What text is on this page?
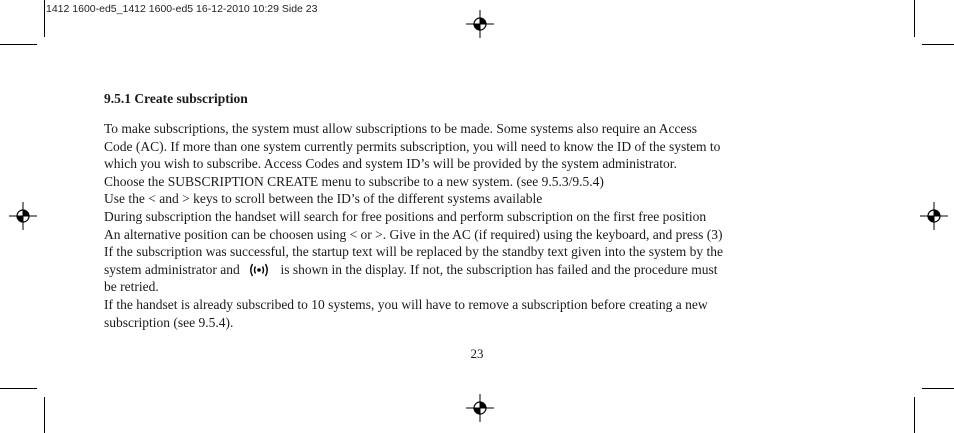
1412 1600-ed5_1412 1600-ed5 16-12-2010 10:29 Side 23
9.5.1 Create subscription

To make subscriptions, the system must allow subscriptions to be made. Some systems also require an Access

Code (AC). If more than one system currently permits subscription, you will need to know the ID of the system to

which you wish to subscribe. Access Codes and system ID’s will be provided by the system administrator.

Choose the SUBSCRIPTION CREATE menu to subscribe to a new system. (see 9.5.3/9.5.4)

Use the < and > keys to scroll between the ID’s of the different systems available

During subscription the handset will search for free positions and perform subscription on the first free position

An alternative position can be choosen using < or >. Give in the AC (if required) using the keyboard, and press (3)

If the subscription was successful, the startup text will be replaced by the standby text given into the system by the

system administrator and	is shown in the display. If not, the subscription has failed and the procedure must

be retried.

If the handset is already subscribed to 10 systems, you will have to remove a subscription before creating a new

subscription (see 9.5.4).

23
